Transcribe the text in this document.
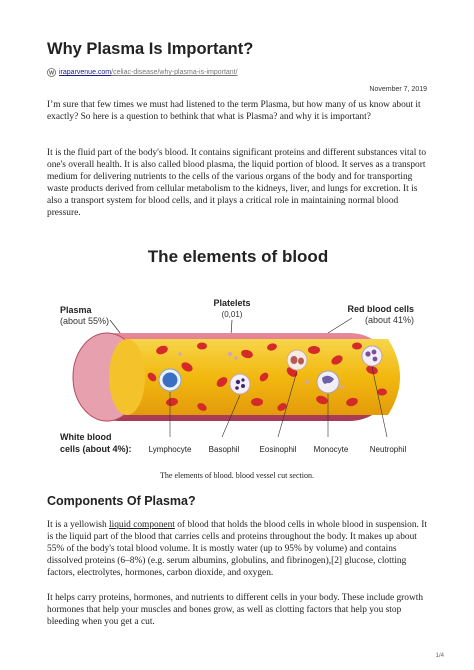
Why Plasma Is Important?
W iraparvenue.com /celiac-disease/why-plasma-is-important/
November 7, 2019

I’m sure that few times we must had listened to the term Plasma, but how many of us know about it exactly? So here is a question to bethink that what is Plasma? and why it is important?

It is the fluid part of the body's blood. It contains significant proteins and different substances vital to one's overall health. It is also called blood plasma, the liquid portion of blood. It serves as a transport medium for delivering nutrients to the cells of the various organs of the body and for transporting waste products derived from cellular metabolism to the kidneys, liver, and lungs for excretion. It is also a transport system for blood cells, and it plays a critical role in maintaining normal blood pressure.

The elements of blood
Plasma
(about 55%)
Platelets
(0,01)
Red blood cells
(about 41%)
White blood
cells (about 4%): Lymphocyte Basophil	Eosinophil Monocyte	Neutrophil
The elements of blood. blood vessel cut section.
Components Of Plasma?

It is a yellowish liquid component of blood that holds the blood cells in whole blood in suspension. It is the liquid part of the blood that carries cells and proteins throughout the body. It makes up about 55% of the body's total blood volume. It is mostly water (up to 95% by volume) and contains dissolved proteins (6–8%) (e.g. serum albumins, globulins, and fibrinogen),[2] glucose, clotting factors, electrolytes, hormones, carbon dioxide, and oxygen.

It helps carry proteins, hormones, and nutrients to different cells in your body. These include growth hormones that help your muscles and bones grow, as well as clotting factors that help you stop bleeding when you get a cut.

1/4
